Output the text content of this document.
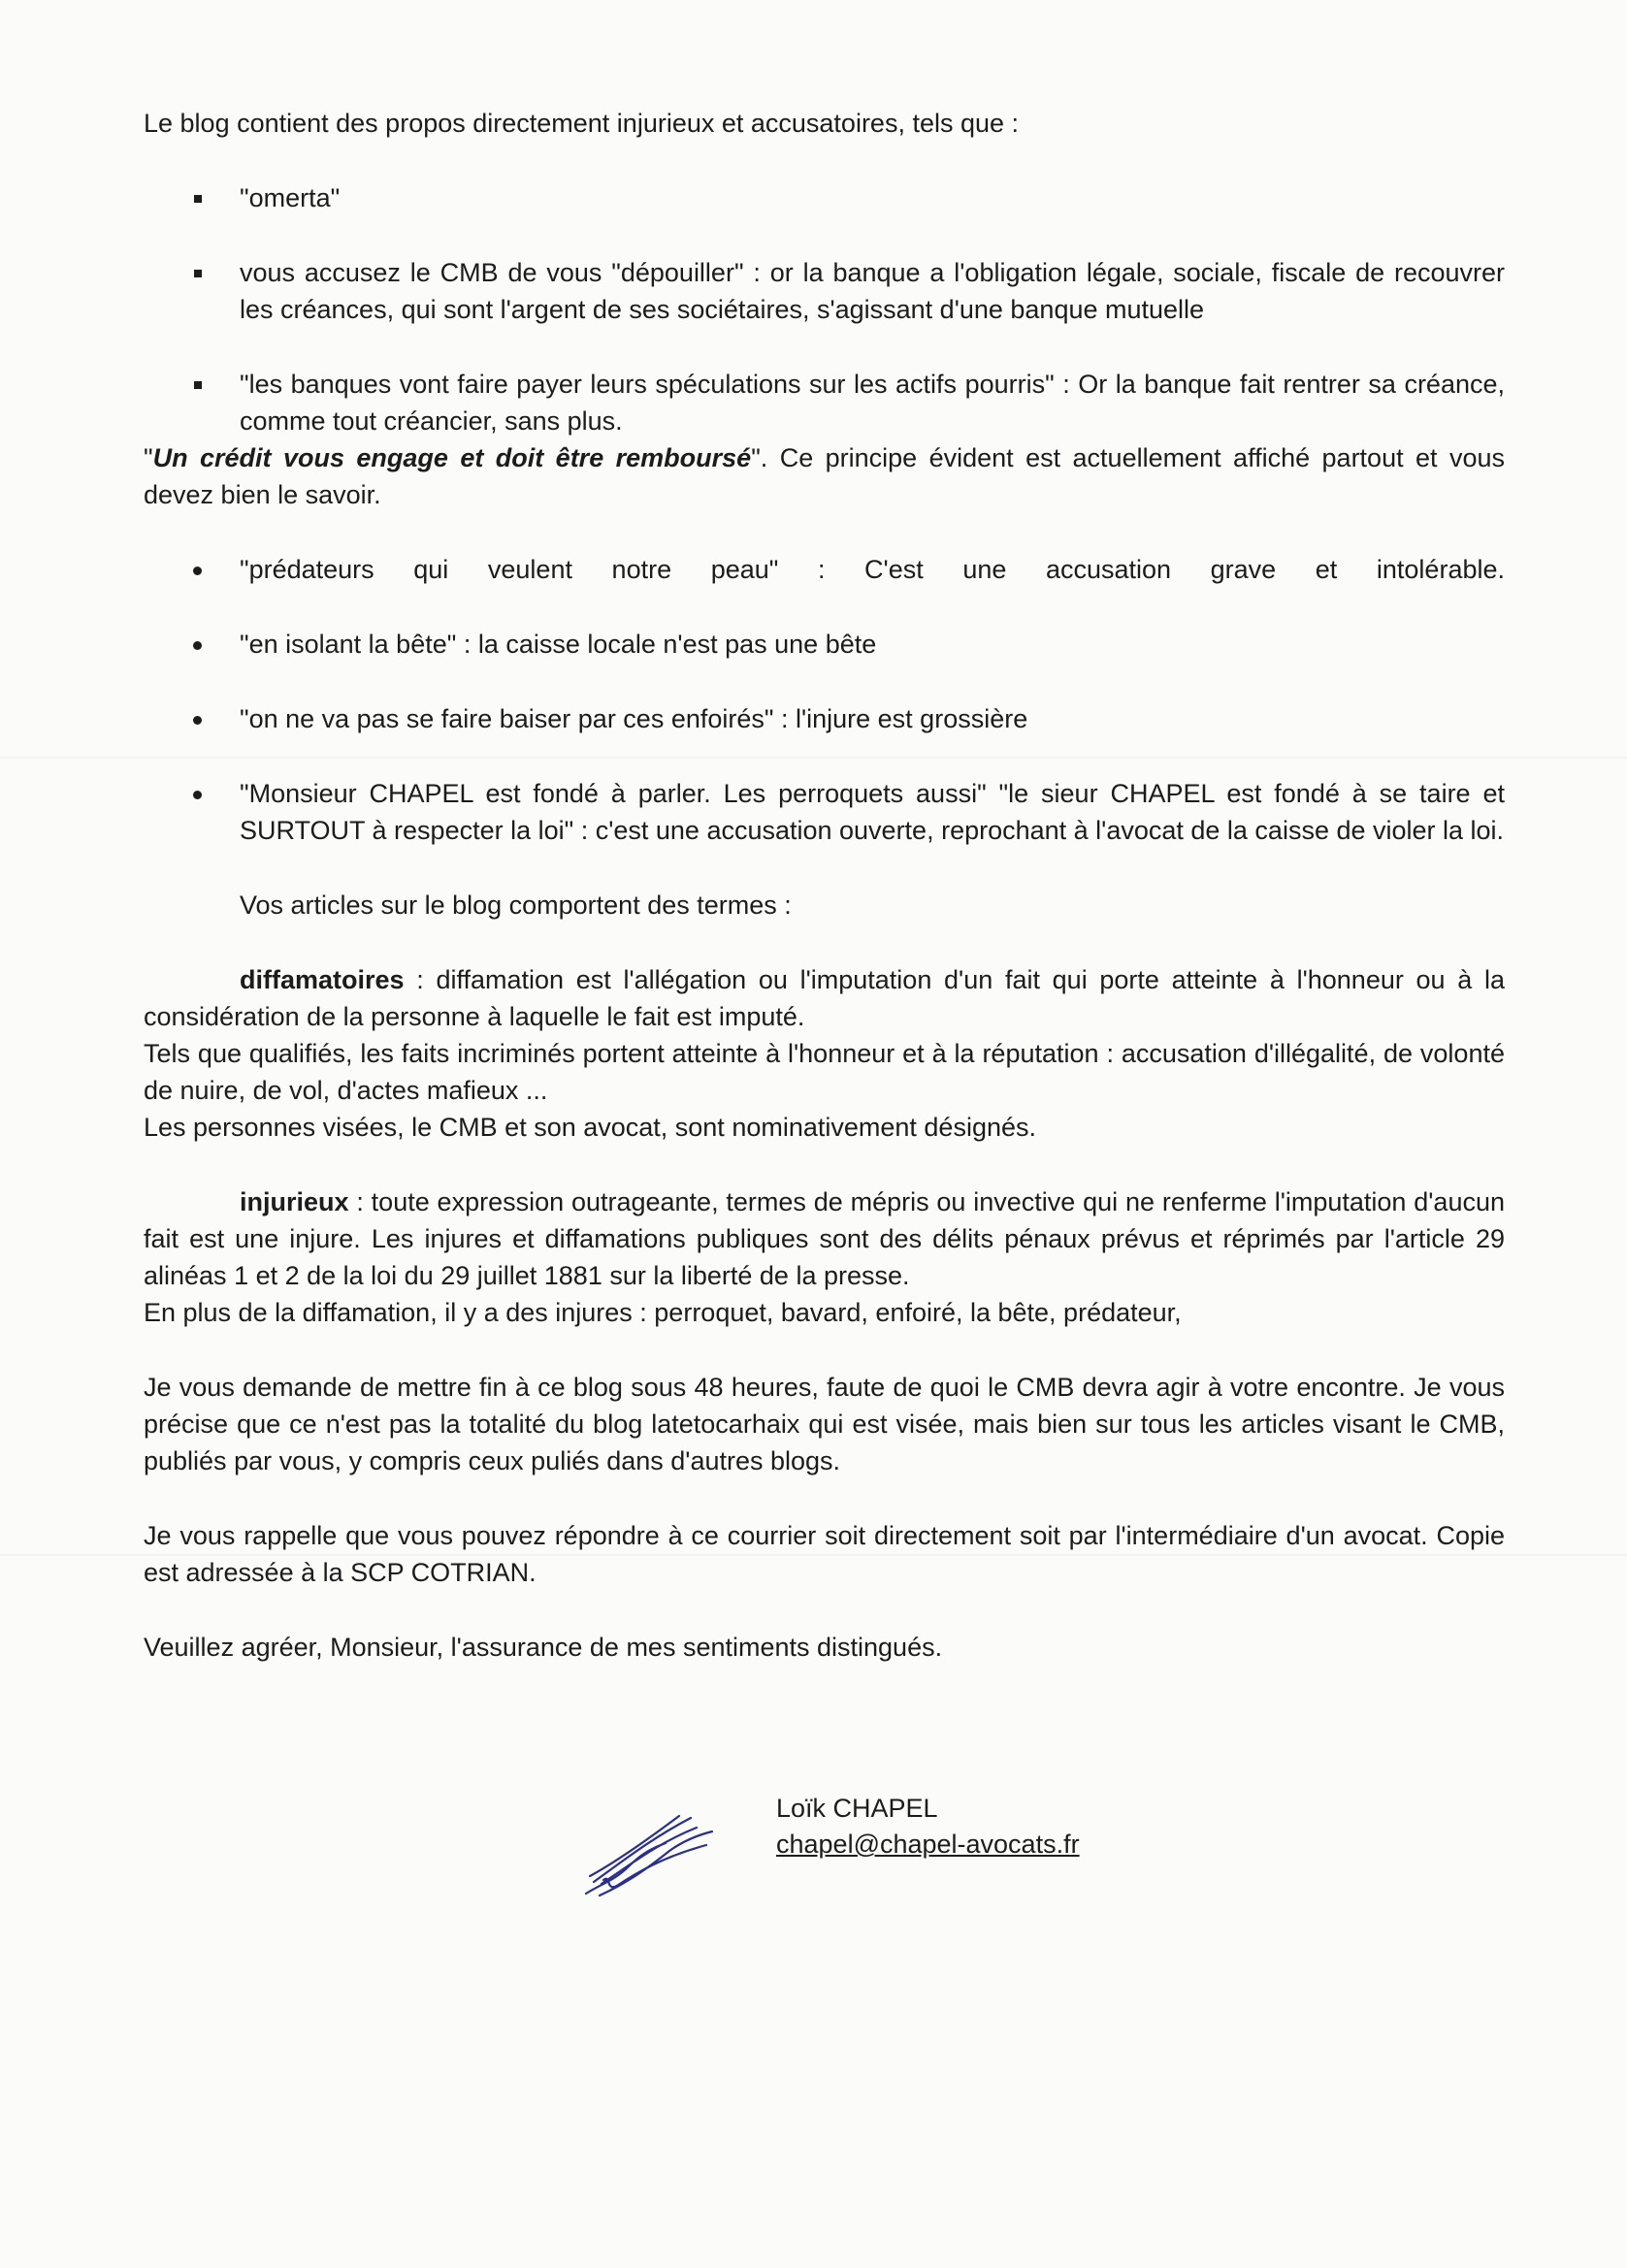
Le blog contient des propos directement injurieux et accusatoires, tels que :

"omerta"

vous accusez le CMB de vous "dépouiller" : or la banque a l'obligation légale, sociale, fiscale de recouvrer les créances, qui sont l'argent de ses sociétaires, s'agissant d'une banque mutuelle

"les banques vont faire payer leurs spéculations sur les actifs pourris" : Or la banque fait rentrer sa créance, comme tout créancier, sans plus.

"Un crédit vous engage et doit être remboursé". Ce principe évident est actuellement affiché partout et vous devez bien le savoir.

"prédateurs qui veulent notre peau" : C'est une accusation grave et intolérable.

"en isolant la bête" : la caisse locale n'est pas une bête

"on ne va pas se faire baiser par ces enfoirés" : l'injure est grossière

"Monsieur CHAPEL est fondé à parler. Les perroquets aussi" "le sieur CHAPEL est fondé à se taire et SURTOUT à respecter la loi" : c'est une accusation ouverte, reprochant à l'avocat de la caisse de violer la loi.

Vos articles sur le blog comportent des termes :

diffamatoires : diffamation est l'allégation ou l'imputation d'un fait qui porte atteinte à l'honneur ou à la considération de la personne à laquelle le fait est imputé.

Tels que qualifiés, les faits incriminés portent atteinte à l'honneur et à la réputation : accusation d'illégalité, de volonté de nuire, de vol, d'actes mafieux ...

Les personnes visées, le CMB et son avocat, sont nominativement désignés.

injurieux : toute expression outrageante, termes de mépris ou invective qui ne renferme l'imputation d'aucun fait est une injure. Les injures et diffamations publiques sont des délits pénaux prévus et réprimés par l'article 29 alinéas 1 et 2 de la loi du 29 juillet 1881 sur la liberté de la presse.

En plus de la diffamation, il y a des injures : perroquet, bavard, enfoiré, la bête, prédateur,

Je vous demande de mettre fin à ce blog sous 48 heures, faute de quoi le CMB devra agir à votre encontre. Je vous précise que ce n'est pas la totalité du blog latetocarhaix qui est visée, mais bien sur tous les articles visant le CMB, publiés par vous, y compris ceux puliés dans d'autres blogs.

Je vous rappelle que vous pouvez répondre à ce courrier soit directement soit par l'intermédiaire d'un avocat. Copie est adressée à la SCP COTRIAN.

Veuillez agréer, Monsieur, l'assurance de mes sentiments distingués.

Loïk CHAPEL
chapel@chapel-avocats.fr
